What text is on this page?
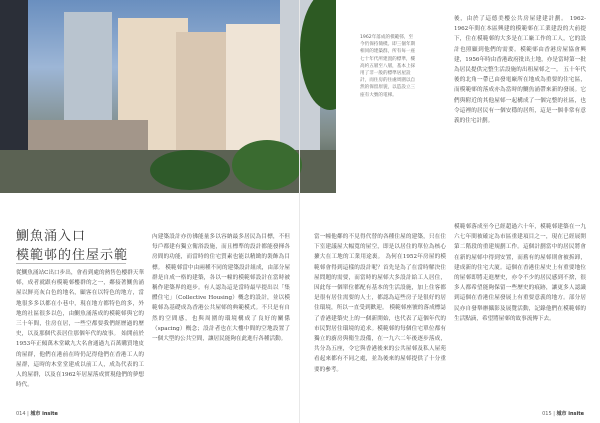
1962年落成的模範邨，至今仍保持簡樸。即三個年期相同的建築群，所有每一座七十年代所建置的標準，樓高約五層至八層，基本上採用了非一般的標準居屋設計，而住房的住處周圍以自然的保留原貌，以造設立三座有大號的電梯。
鰂魚涌入口
模範邨的住屋示範
從鰂魚涌站C出口步出，會看到處的熱售色樓群天華邨，成者就跟有模範邨樓群的之一，鄰接著鰂魚涌屋以鮮亮灰白色的地名，顧客在以特色的地方，當地很多多以都在小巷中，現在地方都特色的多，外地的社區很多以色，由鰂魚涌落成的模範邨與它的三十年間，住房在居，一些空都要我們經歷過的歷史，以及那個代表居住那個年代的故事。 始開前於1953年正傾萬木堂歐九大名會通過九百萬購買地皮的屋群，他們在港前在時仍記得他們在香港工人的屋群，這時的木堂堂建成以前工人，成為代表的工人的屋群，以及在1962年居屋落成實現他們的夢想時代。
內建築設計亦彷彿能量多以容納最多居民為目標，不但每戶都建有獨立衛浴設施，而且標準的設計都能發揮各房間的功能，而當時的住宅質素也能以精緻的裝飾為目標。 模範邨當中由兩種不同的建築設計組成，由部分屋群是自成一格的建築，各以一幢的模範邨設計在當時被稱作建築界的進步。有人認為這是當時最早提出以「集體住宅」（Collective Housing）概念的設計，並以模範邨為基礎成為香港公共屋邨的典範模式。不只是有自然的空間感，也與周圍的環境構成了良好的關係（spacing）概念；設計者也在大樓中間的空地設置了一個大型的公共空間，讓居民能夠在此進行各種活動。
當一幢他鄰的不見得代替的各種住屋的建築，只在住下室建議屋大幅寬的屋空，即是以居住的單位為核心擴大在工地的工業用途裏。 為何在1952年房屋的模範邨會得到這樣的設計呢？首先是為了在當時解決住屋問題的需要，而當時的屋邨大多設計給工人居住，因此每一個單位都配有基本的生活設施，加上住客都是很有居住需要的人士，都認為這些房子是很好的居住環境，所以一直受到歡迎。 模範邨座號的落成標誌了香港建築史上的一個新開始，也代表了這個年代的市民對居住環境的追求。模範邨的每個住宅單位都有獨立的廚房與衛生設備，在一九六二年後逐步落成，共分為五座，令它與香港後來的公共屋邨及私人屋苑看起來都有不同之處，並為後來的屋邨提供了十分重要的參考。
後，由於了這德美樓公共房屋建建計劃。 1962-1962年間在本區興建的模範邨在工業建設的大前提下，住在模範邨的大多是在工廠工作的工人，它的設計也照顧到他們的需要。模範邨由香港房屋協會興建，1956年時由香港政府批出土地，亦是當時第一批為居民提供完整生活設施的出租屋邨之一。 五十年代後的北角一帶已由發電廠所在地成為重要的住宅區，而模範邨的落成亦為當時的鰂魚涌帶來新的發展。它們與附近的其他屋邨一起構成了一個完整的社區，也令這裡的居民有一個安穩的居所，這是一個非常有意義的住宅計劃。
模範邨落成至今已經超過六十年，模範邨建築在一九六七年間被確定為市區重建項目之一，現在已經展開第二階段的重建規劃工作。這個計劃當中的居民將會在新的屋邨中得到安置，而舊有的屋邨則會被拆卸，建成新的住宅大廈。這個在香港住屋史上有重要地位的屋邨即將走進歷史，亦令不少的居民感到不捨，很多人都希望能夠保留一些歷史的痕跡，讓更多人認識到這個在香港住屋發展上有重要意義的地方。部分居民亦自發舉辦攝影及展覽活動，記錄他們在模範邨的生活點滴，希望將屋邨的故事流傳下去。
014 | 城市 insite	015 | 城市 insite
